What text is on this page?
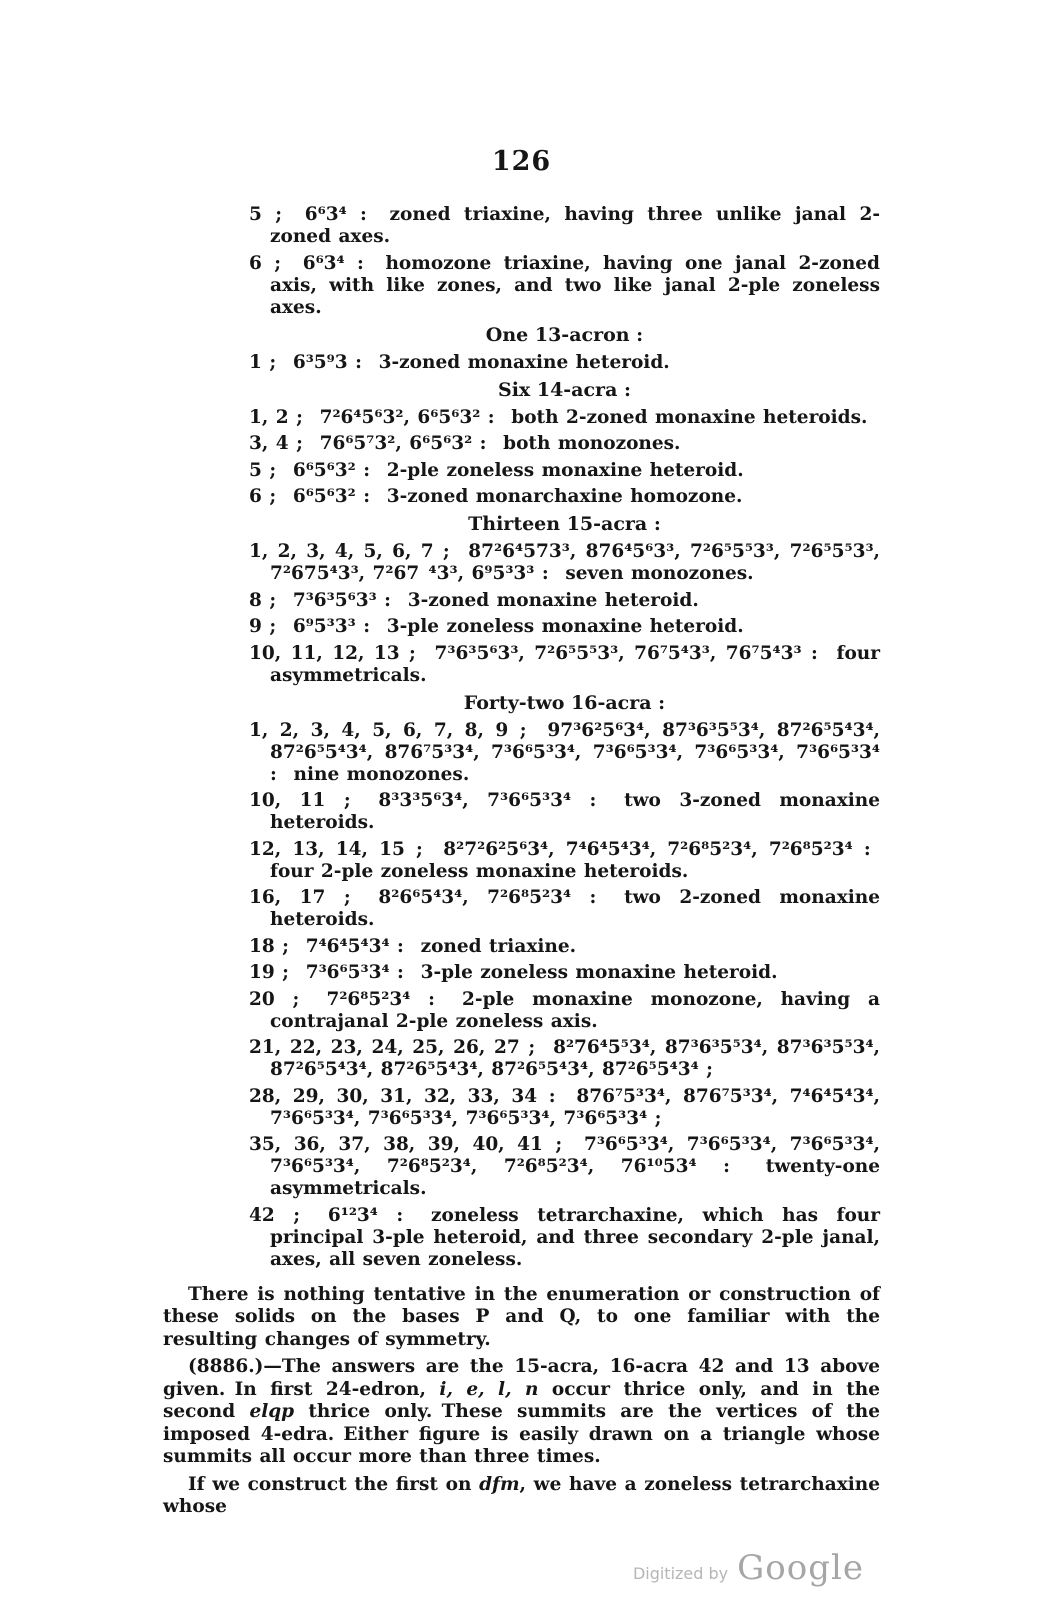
126
5 ;  6⁶3⁴ :  zoned triaxine, having three unlike janal 2-zoned axes.
6 ;  6⁶3⁴ :  homozone triaxine, having one janal 2-zoned axis, with like zones, and two like janal 2-ple zoneless axes.
One 13-acron :
1 ;  6³5⁹3 :  3-zoned monaxine heteroid.
Six 14-acra :
1, 2 ;  7²6⁴5⁶3², 6⁶5⁶3² :  both 2-zoned monaxine heteroids.
3, 4 ;  76⁶5⁷3², 6⁶5⁶3² :  both monozones.
5 ;  6⁶5⁶3² :  2-ple zoneless monaxine heteroid.
6 ;  6⁶5⁶3² :  3-zoned monarchaxine homozone.
Thirteen 15-acra :
1, 2, 3, 4, 5, 6, 7 ;  87²6⁴573³, 876⁴5⁶3³, 7²6⁵5⁵3³, 7²6⁵5⁵3³, 7²675⁴3³, 7²67 ⁴3³, 6⁹5³3³ :  seven monozones.
8 ;  7³6³5⁶3³ :  3-zoned monaxine heteroid.
9 ;  6⁹5³3³ :  3-ple zoneless monaxine heteroid.
10, 11, 12, 13 ;  7³6³5⁶3³, 7²6⁵5⁵3³, 76⁷5⁴3³, 76⁷5⁴3³ :  four asymmetricals.
Forty-two 16-acra :
1, 2, 3, 4, 5, 6, 7, 8, 9 ;  97³6²5⁶3⁴, 87³6³5⁵3⁴, 87²6⁵5⁴3⁴, 87²6⁵5⁴3⁴, 876⁷5³3⁴, 7³6⁶5³3⁴, 7³6⁶5³3⁴, 7³6⁶5³3⁴, 7³6⁶5³3⁴ :  nine monozones.
10, 11 ;  8³3³5⁶3⁴, 7³6⁶5³3⁴ :  two 3-zoned monaxine heteroids.
12, 13, 14, 15 ;  8²7²6²5⁶3⁴, 7⁴6⁴5⁴3⁴, 7²6⁸5²3⁴, 7²6⁸5²3⁴ :  four 2-ple zoneless monaxine heteroids.
16, 17 ;  8²6⁶5⁴3⁴, 7²6⁸5²3⁴ :  two 2-zoned monaxine heteroids.
18 ;  7⁴6⁴5⁴3⁴ :  zoned triaxine.
19 ;  7³6⁶5³3⁴ :  3-ple zoneless monaxine heteroid.
20 ;  7²6⁸5²3⁴ :  2-ple monaxine monozone, having a contrajanal 2-ple zoneless axis.
21, 22, 23, 24, 25, 26, 27 ;  8²76⁴5⁵3⁴, 87³6³5⁵3⁴, 87³6³5⁵3⁴, 87²6⁵5⁴3⁴, 87²6⁵5⁴3⁴, 87²6⁵5⁴3⁴, 87²6⁵5⁴3⁴ ;
28, 29, 30, 31, 32, 33, 34 :  876⁷5³3⁴, 876⁷5³3⁴, 7⁴6⁴5⁴3⁴, 7³6⁶5³3⁴, 7³6⁶5³3⁴, 7³6⁶5³3⁴, 7³6⁶5³3⁴ ;
35, 36, 37, 38, 39, 40, 41 ;  7³6⁶5³3⁴, 7³6⁶5³3⁴, 7³6⁶5³3⁴, 7³6⁶5³3⁴, 7²6⁸5²3⁴, 7²6⁸5²3⁴, 76¹⁰53⁴ :  twenty-one asymmetricals.
42 ;  6¹²3⁴ :  zoneless tetrarchaxine, which has four principal 3-ple heteroid, and three secondary 2-ple janal, axes, all seven zoneless.
There is nothing tentative in the enumeration or construction of these solids on the bases P and Q, to one familiar with the resulting changes of symmetry.
(8886.)—The answers are the 15-acra, 16-acra 42 and 13 above given. In first 24-edron, i, e, l, n occur thrice only, and in the second elqp thrice only. These summits are the vertices of the imposed 4-edra. Either figure is easily drawn on a triangle whose summits all occur more than three times.
If we construct the first on dfm, we have a zoneless tetrarchaxine whose
Digitized by Google
